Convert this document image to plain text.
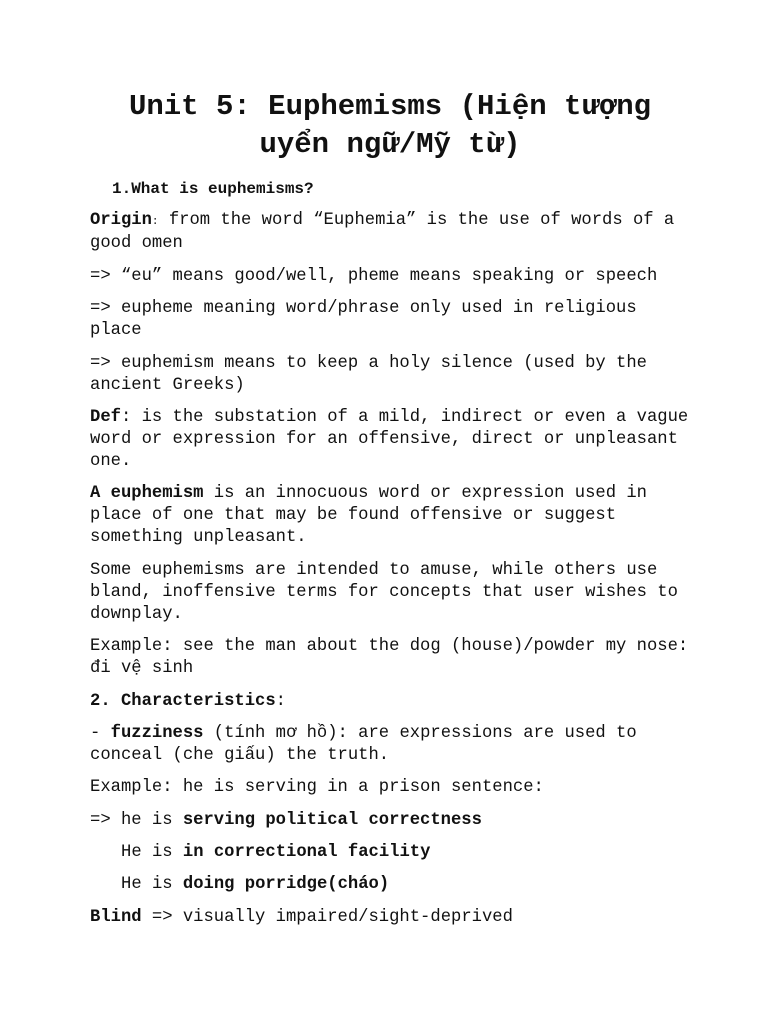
Unit 5: Euphemisms (Hiện tượng
uyển ngữ/Mỹ từ)
1.What is euphemisms?
Origin: from the word “Euphemia” is the use of words of a good omen
=> “eu” means good/well, pheme means speaking or speech
=> eupheme meaning word/phrase only used in religious place
=> euphemism means to keep a holy silence (used by the ancient Greeks)
Def: is the substation of a mild, indirect or even a vague word or expression for an offensive, direct or unpleasant one.
A euphemism is an innocuous word or expression used in place of one that may be found offensive or suggest something unpleasant.
Some euphemisms are intended to amuse, while others use bland, inoffensive terms for concepts that user wishes to downplay.
Example: see the man about the dog (house)/powder my nose: đi vệ sinh
2. Characteristics:
- fuzziness (tính mơ hồ): are expressions are used to conceal (che giấu) the truth.
Example: he is serving in a prison sentence:
=> he is serving political correctness
He is in correctional facility
He is doing porridge(cháo)
Blind => visually impaired/sight-deprived
